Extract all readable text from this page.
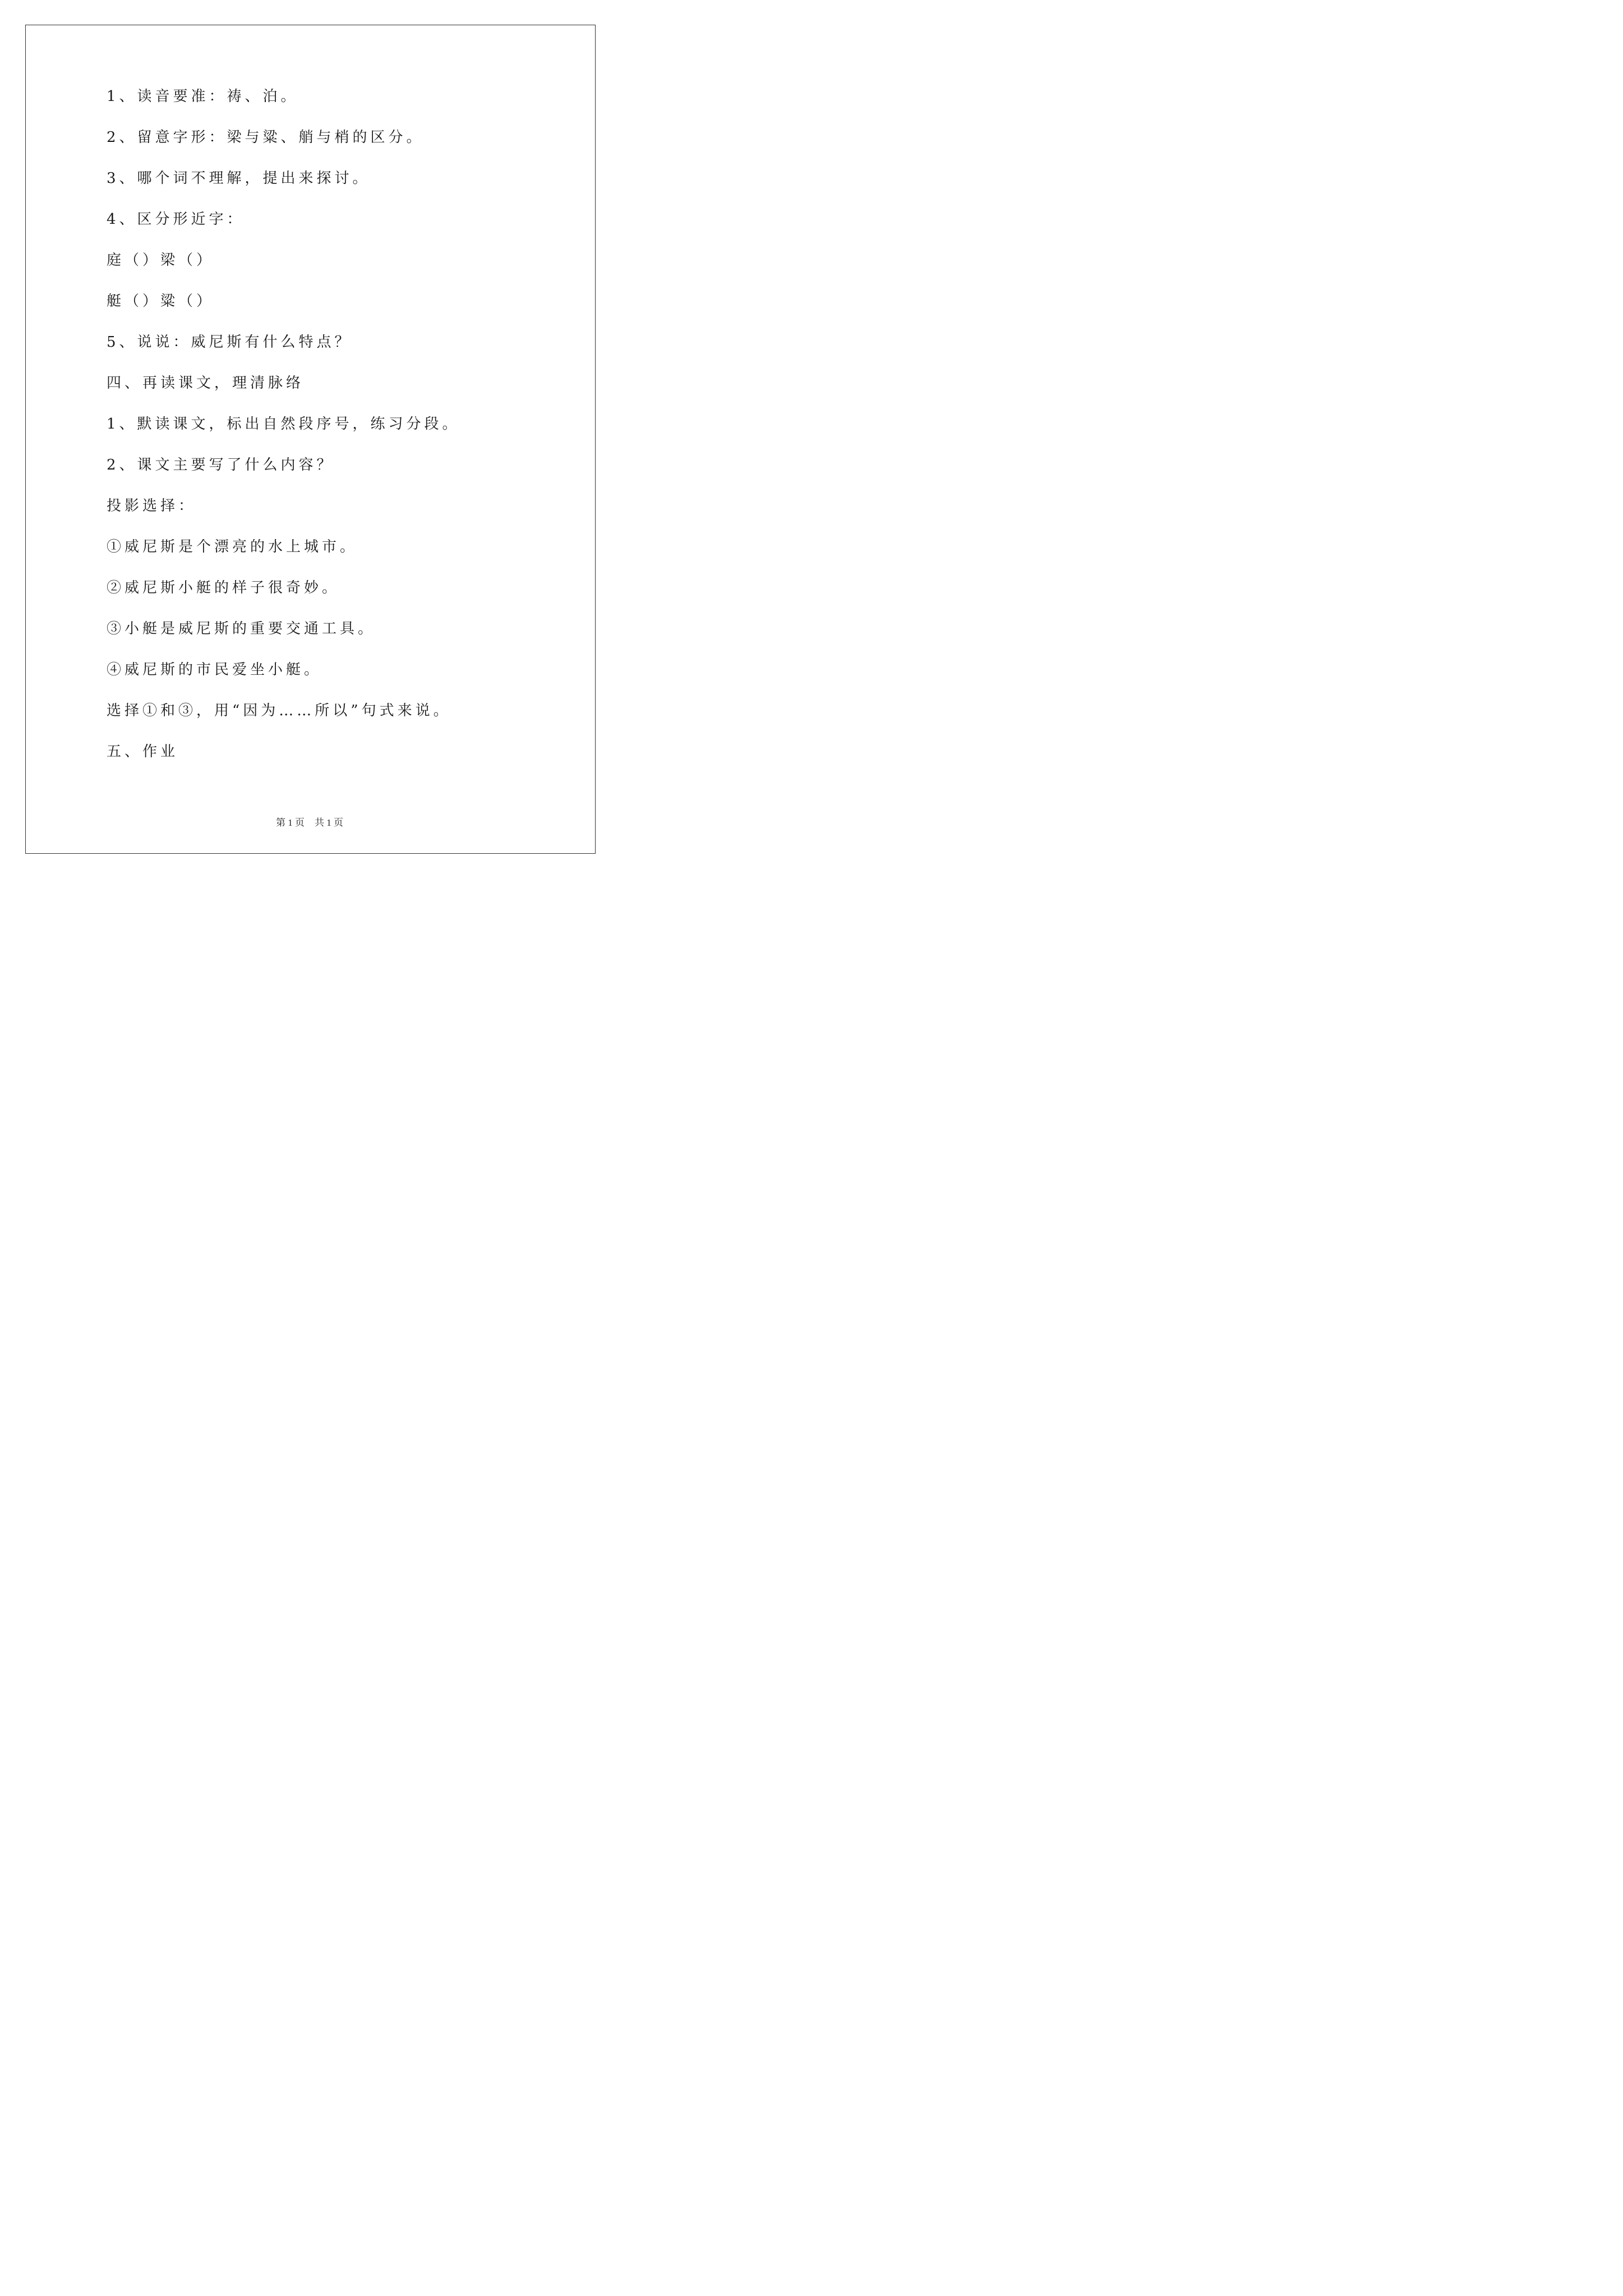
1、读音要准：祷、泊。
2、留意字形：梁与粱、艄与梢的区分。
3、哪个词不理解，提出来探讨。
4、区分形近字：
庭（）梁（）
艇（）粱（）
5、说说：威尼斯有什么特点？
四、再读课文，理清脉络
1、默读课文，标出自然段序号，练习分段。
2、课文主要写了什么内容？
投影选择：
①威尼斯是个漂亮的水上城市。
②威尼斯小艇的样子很奇妙。
③小艇是威尼斯的重要交通工具。
④威尼斯的市民爱坐小艇。
选择①和③，用“因为……所以”句式来说。
五、作业
第 1 页 共 1 页
